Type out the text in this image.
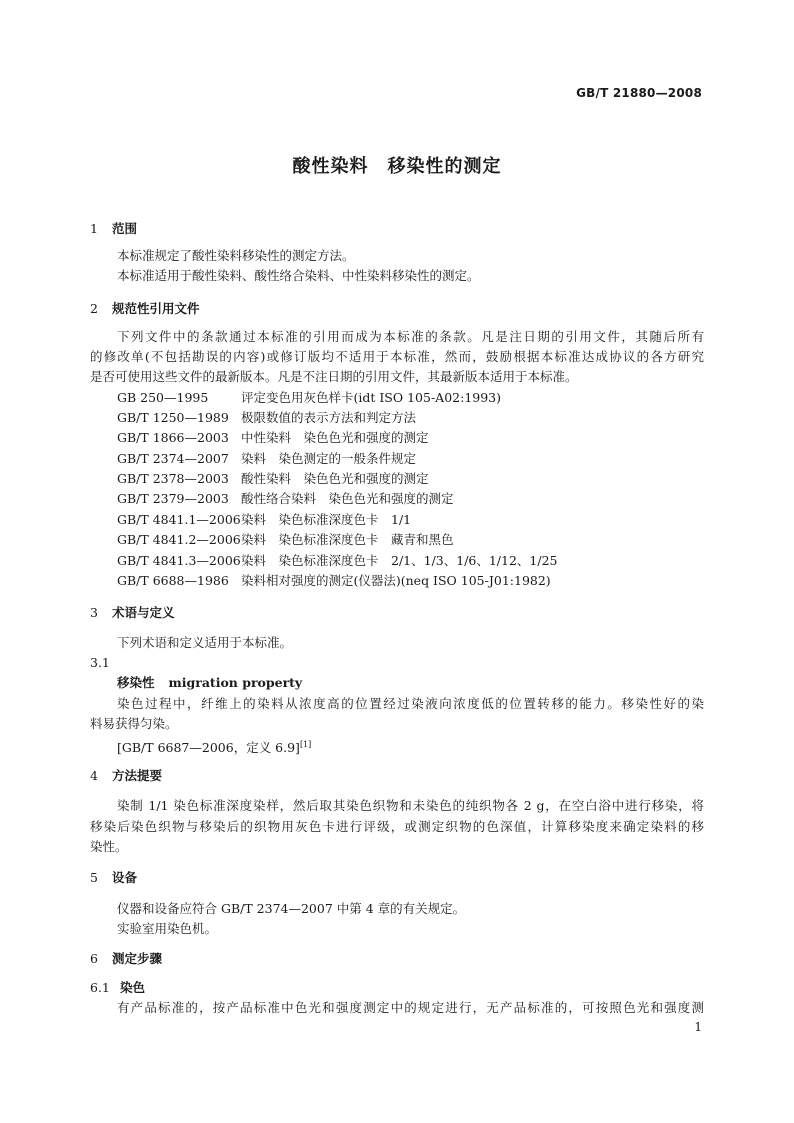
GB/T 21880—2008
酸性染料　移染性的测定
1 范围
本标准规定了酸性染料移染性的测定方法。
本标准适用于酸性染料、酸性络合染料、中性染料移染性的测定。
2 规范性引用文件
下列文件中的条款通过本标准的引用而成为本标准的条款。凡是注日期的引用文件，其随后所有
的修改单(不包括勘误的内容)或修订版均不适用于本标准，然而，鼓励根据本标准达成协议的各方研究
是否可使用这些文件的最新版本。凡是不注日期的引用文件，其最新版本适用于本标准。
GB 250—1995	评定变色用灰色样卡(idt ISO 105-A02:1993)
GB/T 1250—1989 极限数值的表示方法和判定方法
GB/T 1866—2003 中性染料　染色色光和强度的测定
GB/T 2374—2007 染料　染色测定的一般条件规定
GB/T 2378—2003 酸性染料　染色色光和强度的测定
GB/T 2379—2003 酸性络合染料　染色色光和强度的测定
GB/T 4841.1—2006染料　染色标准深度色卡　1/1
GB/T 4841.2—2006染料　染色标准深度色卡　藏青和黑色
GB/T 4841.3—2006染料　染色标准深度色卡　2/1、1/3、1/6、1/12、1/25
GB/T 6688—1986 染料相对强度的测定(仪器法)(neq ISO 105-J01:1982)
3 术语与定义
下列术语和定义适用于本标准。
3.1
移染性 migration property
染色过程中，纤维上的染料从浓度高的位置经过染液向浓度低的位置转移的能力。移染性好的染
料易获得匀染。
[GB/T 6687—2006，定义 6.9][1]
4 方法提要
染制 1/1 染色标准深度染样，然后取其染色织物和未染色的纯织物各 2 g，在空白浴中进行移染，将
移染后染色织物与移染后的织物用灰色卡进行评级，或测定织物的色深值，计算移染度来确定染料的移
染性。
5 设备
仪器和设备应符合 GB/T 2374—2007 中第 4 章的有关规定。
实验室用染色机。
6 测定步骤
6.1 染色
有产品标准的，按产品标准中色光和强度测定中的规定进行，无产品标准的，可按照色光和强度测
1
